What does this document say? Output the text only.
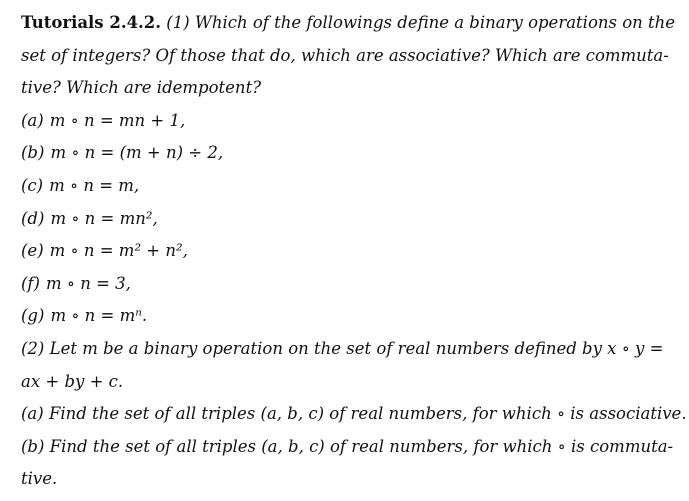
Tutorials 2.4.2. (1) Which of the followings define a binary operations on the
set of integers? Of those that do, which are associative? Which are commuta-
tive? Which are idempotent?
(a) m ∘ n = mn + 1,
(b) m ∘ n = (m + n) ÷ 2,
(c) m ∘ n = m,
(d) m ∘ n = mn²,
(e) m ∘ n = m² + n²,
(f) m ∘ n = 3,
(g) m ∘ n = mⁿ.
(2) Let m be a binary operation on the set of real numbers defined by x ∘ y =
ax + by + c.
(a) Find the set of all triples (a, b, c) of real numbers, for which ∘ is associative.
(b) Find the set of all triples (a, b, c) of real numbers, for which ∘ is commuta-
tive.
